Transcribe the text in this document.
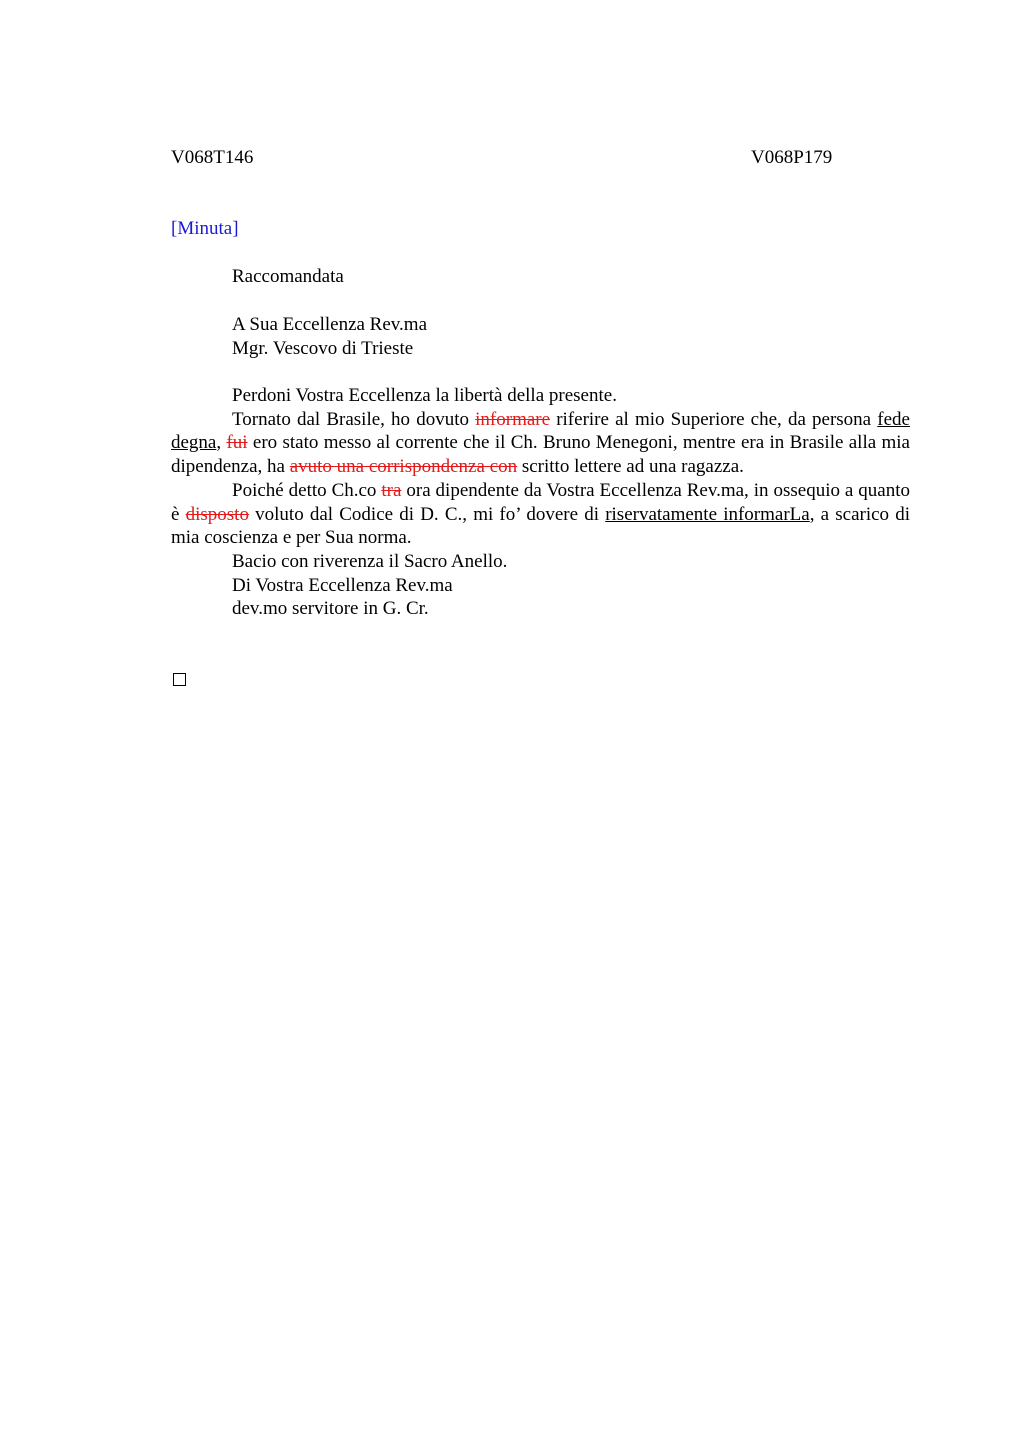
V068T146	V068P179
[Minuta]
Raccomandata
A Sua Eccellenza Rev.ma
Mgr. Vescovo di Trieste

Perdoni Vostra Eccellenza la libertà della presente.

Tornato dal Brasile, ho dovuto informare riferire al mio Superiore che, da persona fede degna, fui ero stato messo al corrente che il Ch. Bruno Menegoni, mentre era in Brasile alla mia dipendenza, ha avuto una corrispondenza con scritto lettere ad una ragazza.

Poiché detto Ch.co tra ora dipendente da Vostra Eccellenza Rev.ma, in ossequio a quanto è disposto voluto dal Codice di D. C., mi fo’ dovere di riservatamente informarLa, a scarico di mia coscienza e per Sua norma.

Bacio con riverenza il Sacro Anello.

Di Vostra Eccellenza Rev.ma

dev.mo servitore in G. Cr.
